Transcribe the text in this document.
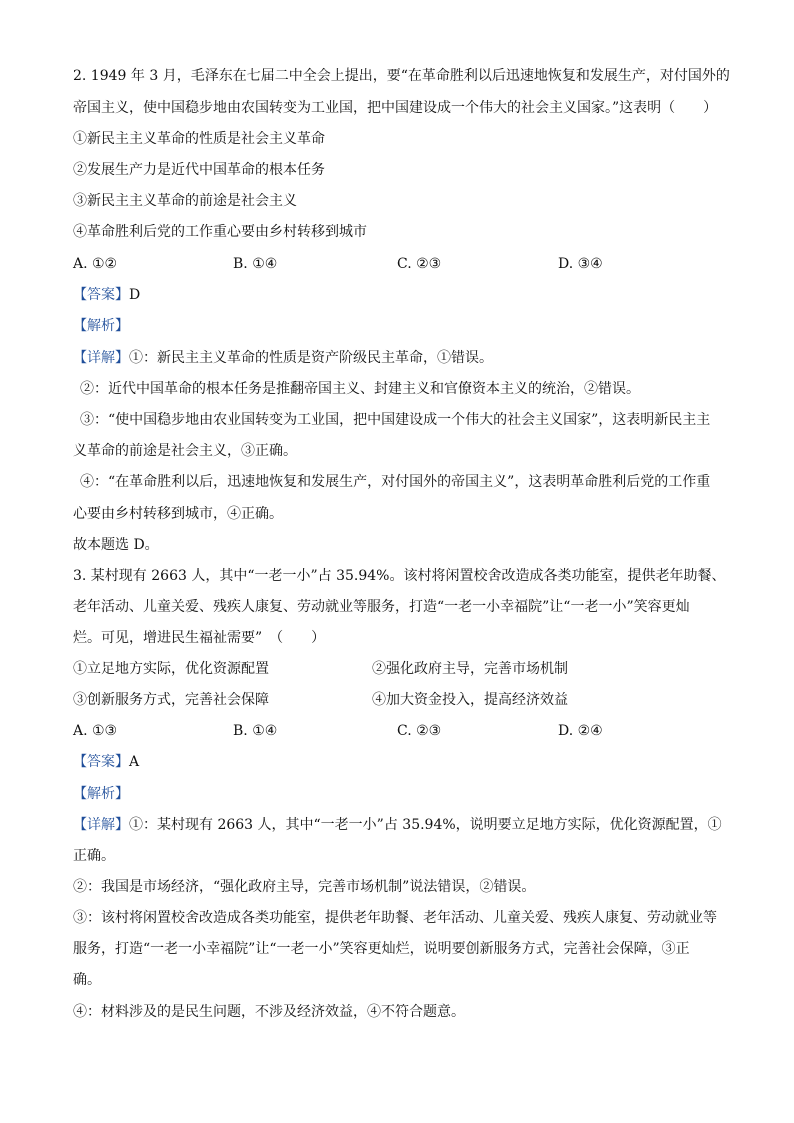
2. 1949 年 3 月，毛泽东在七届二中全会上提出，要“在革命胜利以后迅速地恢复和发展生产，对付国外的
帝国主义，使中国稳步地由农国转变为工业国，把中国建设成一个伟大的社会主义国家。”这表明（　　）
①新民主主义革命的性质是社会主义革命
②发展生产力是近代中国革命的根本任务
③新民主主义革命的前途是社会主义
④革命胜利后党的工作重心要由乡村转移到城市
A. ①②	B. ①④	C. ②③	D. ③④
【答案】D
【解析】
【详解】①：新民主主义革命的性质是资产阶级民主革命，①错误。
②：近代中国革命的根本任务是推翻帝国主义、封建主义和官僚资本主义的统治，②错误。
③：“使中国稳步地由农业国转变为工业国，把中国建设成一个伟大的社会主义国家”，这表明新民主主
义革命的前途是社会主义，③正确。
④：“在革命胜利以后，迅速地恢复和发展生产，对付国外的帝国主义”，这表明革命胜利后党的工作重
心要由乡村转移到城市，④正确。
故本题选 D。
3. 某村现有 2663 人，其中“一老一小”占 35.94%。该村将闲置校舍改造成各类功能室，提供老年助餐、
老年活动、儿童关爱、残疾人康复、劳动就业等服务，打造“一老一小幸福院”让“一老一小”笑容更灿
烂。可见，增进民生福祉需要”　（　　）
①立足地方实际，优化资源配置	②强化政府主导，完善市场机制
③创新服务方式，完善社会保障	④加大资金投入，提高经济效益
A. ①③	B. ①④	C. ②③	D. ②④
【答案】A
【解析】
【详解】①：某村现有 2663 人，其中“一老一小”占 35.94%，说明要立足地方实际，优化资源配置，①
正确。
②：我国是市场经济，“强化政府主导，完善市场机制”说法错误，②错误。
③：该村将闲置校舍改造成各类功能室，提供老年助餐、老年活动、儿童关爱、残疾人康复、劳动就业等
服务，打造“一老一小幸福院”让“一老一小”笑容更灿烂，说明要创新服务方式，完善社会保障，③正
确。
④：材料涉及的是民生问题，不涉及经济效益，④不符合题意。
